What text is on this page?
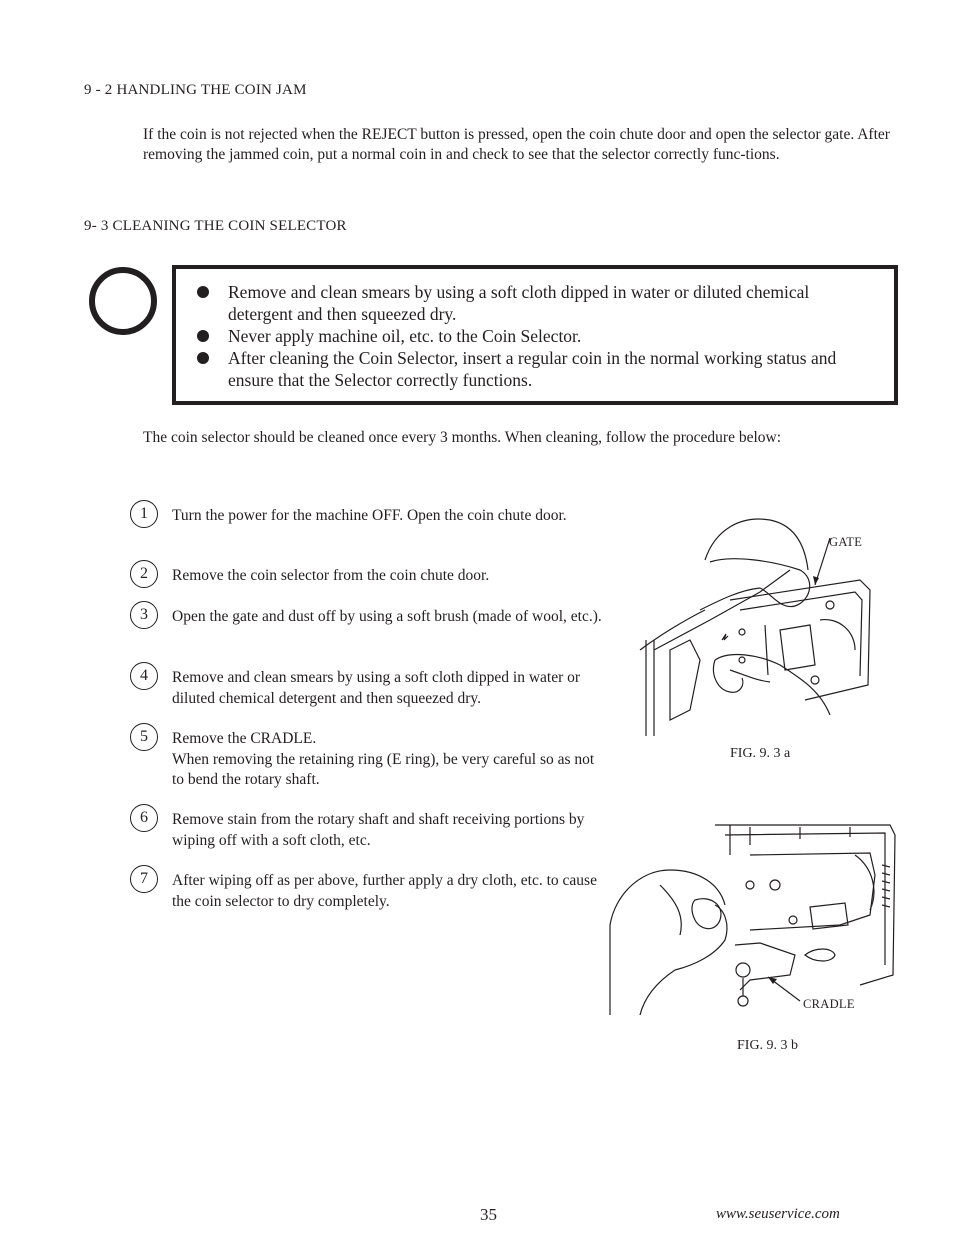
9 - 2 HANDLING THE COIN JAM
If the coin is not rejected when the REJECT button is pressed, open the coin chute door and open the selector gate. After removing the jammed coin, put a normal coin in and check to see that the selector correctly func-tions.
9- 3 CLEANING THE COIN SELECTOR
Remove and clean smears by using a soft cloth dipped in water or diluted chemical detergent and then squeezed dry.
Never apply machine oil, etc. to the Coin Selector.
After cleaning the Coin Selector, insert a regular coin in the normal working status and ensure that the Selector correctly functions.
The coin selector should be cleaned once every 3 months. When cleaning, follow the procedure below:
1	Turn the power for the machine OFF. Open the coin chute door.
2	Remove the coin selector from the coin chute door.
3	Open the gate and dust off by using a soft brush (made of wool, etc.).
4	Remove and clean smears by using a soft cloth dipped in water or diluted chemical detergent and then squeezed dry.
5	Remove the CRADLE.
When removing the retaining ring (E ring), be very careful so as not to bend the rotary shaft.
6	Remove stain from the rotary shaft and shaft receiving portions by wiping off with a soft cloth, etc.
7	After wiping off as per above, further apply a dry cloth, etc. to cause the coin selector to dry completely.
GATE
FIG. 9. 3 a
CRADLE
FIG. 9. 3 b
35	www.seuservice.com
